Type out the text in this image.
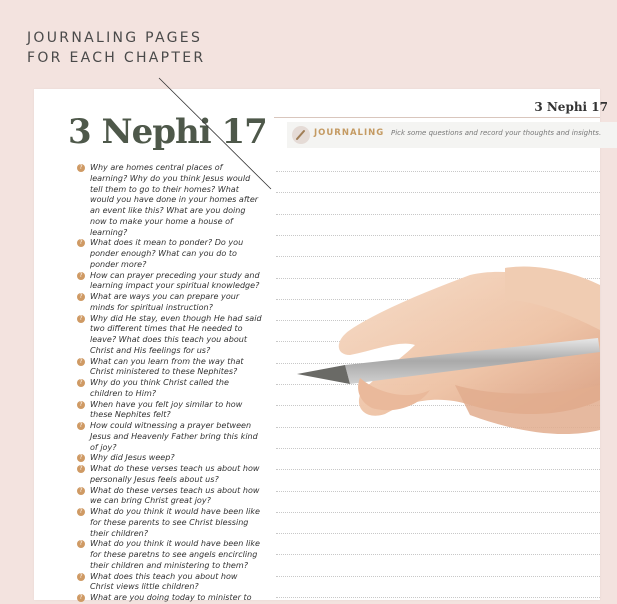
JOURNALING PAGES
FOR EACH CHAPTER
3 Nephi 17
3 Nephi 17	JOURNALING Pick some questions and record your thoughts and insights.
? Why are homes central places of learning? Why do you think Jesus would tell them to go to their homes? What would you have done in your homes after an event like this? What are you doing now to make your home a house of learning?
? What does it mean to ponder? Do you ponder enough? What can you do to ponder more?
? How can prayer preceding your study and learning impact your spiritual knowledge?
? What are ways you can prepare your minds for spiritual instruction?
? Why did He stay, even though He had said two different times that He needed to leave? What does this teach you about Christ and His feelings for us?
? What can you learn from the way that Christ ministered to these Nephites?
? Why do you think Christ called the children to Him?
? When have you felt joy similar to how these Nephites felt?
? How could witnessing a prayer between Jesus and Heavenly Father bring this kind of joy?
? Why did Jesus weep?
? What do these verses teach us about how personally Jesus feels about us?
? What do these verses teach us about how we can bring Christ great joy?
? What do you think it would have been like for these parents to see Christ blessing their children?
? What do you think it would have been like for these paretns to see angels encircling their children and ministering to them?
? What does this teach you about how Christ views little children?
? What are you doing today to minister to
